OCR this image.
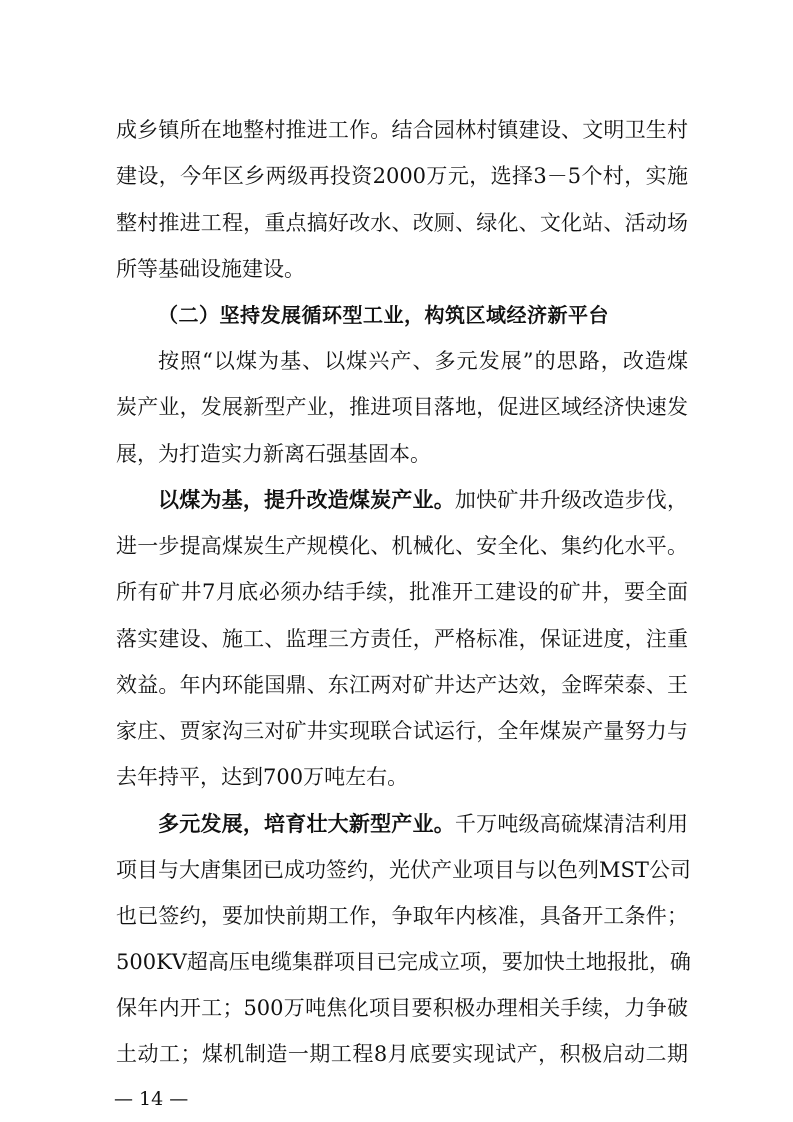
成乡镇所在地整村推进工作。结合园林村镇建设、文明卫生村
建设，今年区乡两级再投资2000万元，选择3－5个村，实施
整村推进工程，重点搞好改水、改厕、绿化、文化站、活动场
所等基础设施建设。
（二）坚持发展循环型工业，构筑区域经济新平台
按照“以煤为基、以煤兴产、多元发展”的思路，改造煤
炭产业，发展新型产业，推进项目落地，促进区域经济快速发
展，为打造实力新离石强基固本。
以煤为基，提升改造煤炭产业。加快矿井升级改造步伐，
进一步提高煤炭生产规模化、机械化、安全化、集约化水平。
所有矿井7月底必须办结手续，批准开工建设的矿井，要全面
落实建设、施工、监理三方责任，严格标准，保证进度，注重
效益。年内环能国鼎、东江两对矿井达产达效，金晖荣泰、王
家庄、贾家沟三对矿井实现联合试运行，全年煤炭产量努力与
去年持平，达到700万吨左右。
多元发展，培育壮大新型产业。千万吨级高硫煤清洁利用
项目与大唐集团已成功签约，光伏产业项目与以色列MST公司
也已签约，要加快前期工作，争取年内核准，具备开工条件；
500KV超高压电缆集群项目已完成立项，要加快土地报批，确
保年内开工；500万吨焦化项目要积极办理相关手续，力争破
土动工；煤机制造一期工程8月底要实现试产，积极启动二期
— 14 —
